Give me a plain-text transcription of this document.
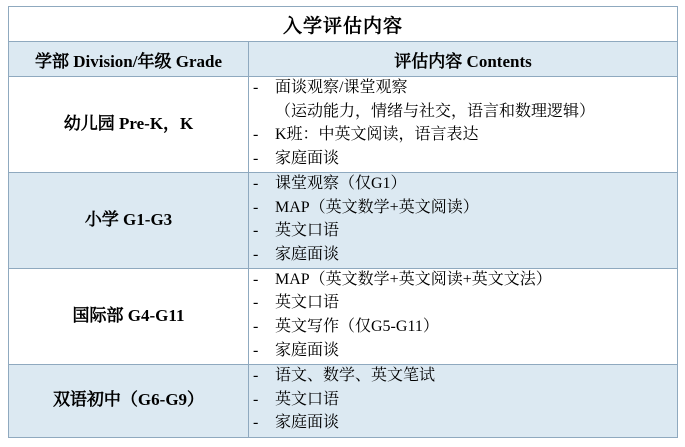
入学评估内容	
学部 Division/年级 Grade	评估内容 Contents
幼儿园 Pre-K，K	
-	面谈观察/课堂观察
（运动能力，情绪与社交，语言和数理逻辑）
-	K班：中英文阅读，语言表达
-	家庭面谈

小学 G1-G3	
-	课堂观察（仅G1）
-	MAP（英文数学+英文阅读）
-	英文口语
-	家庭面谈

国际部 G4-G11	
-	MAP（英文数学+英文阅读+英文文法）
-	英文口语
-	英文写作（仅G5-G11）
-	家庭面谈

双语初中（G6-G9）	
-	语文、数学、英文笔试
-	英文口语
-	家庭面谈
